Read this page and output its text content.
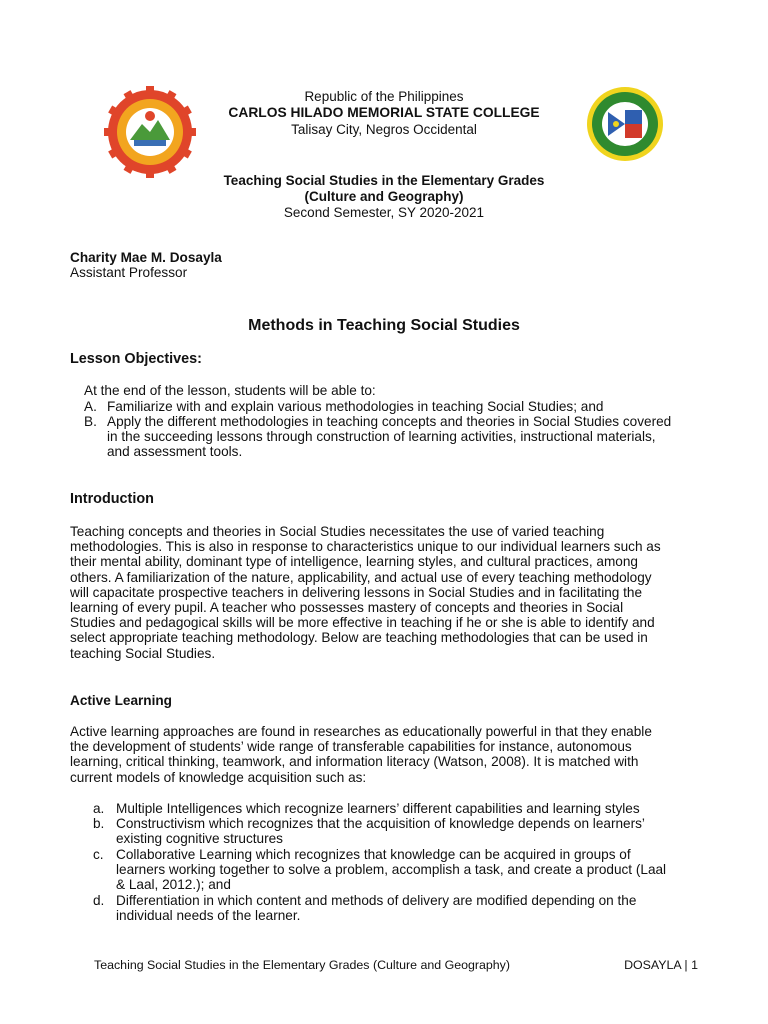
Republic of the Philippines
CARLOS HILADO MEMORIAL STATE COLLEGE
Talisay City, Negros Occidental
Teaching Social Studies in the Elementary Grades
(Culture and Geography)
Second Semester, SY 2020-2021
Charity Mae M. Dosayla
Assistant Professor
Methods in Teaching Social Studies
Lesson Objectives:
At the end of the lesson, students will be able to:
A. Familiarize with and explain various methodologies in teaching Social Studies; and
B. Apply the different methodologies in teaching concepts and theories in Social Studies covered
in the succeeding lessons through construction of learning activities, instructional materials,
and assessment tools.
Introduction
Teaching concepts and theories in Social Studies necessitates the use of varied teaching
methodologies. This is also in response to characteristics unique to our individual learners such as
their mental ability, dominant type of intelligence, learning styles, and cultural practices, among
others. A familiarization of the nature, applicability, and actual use of every teaching methodology
will capacitate prospective teachers in delivering lessons in Social Studies and in facilitating the
learning of every pupil. A teacher who possesses mastery of concepts and theories in Social
Studies and pedagogical skills will be more effective in teaching if he or she is able to identify and
select appropriate teaching methodology. Below are teaching methodologies that can be used in
teaching Social Studies.
Active Learning
Active learning approaches are found in researches as educationally powerful in that they enable
the development of students’ wide range of transferable capabilities for instance, autonomous
learning, critical thinking, teamwork, and information literacy (Watson, 2008). It is matched with
current models of knowledge acquisition such as:
a. Multiple Intelligences which recognize learners’ different capabilities and learning styles
b. Constructivism which recognizes that the acquisition of knowledge depends on learners’
existing cognitive structures
c. Collaborative Learning which recognizes that knowledge can be acquired in groups of
learners working together to solve a problem, accomplish a task, and create a product (Laal
& Laal, 2012.); and
d. Differentiation in which content and methods of delivery are modified depending on the
individual needs of the learner.
Teaching Social Studies in the Elementary Grades (Culture and Geography)	DOSAYLA | 1
